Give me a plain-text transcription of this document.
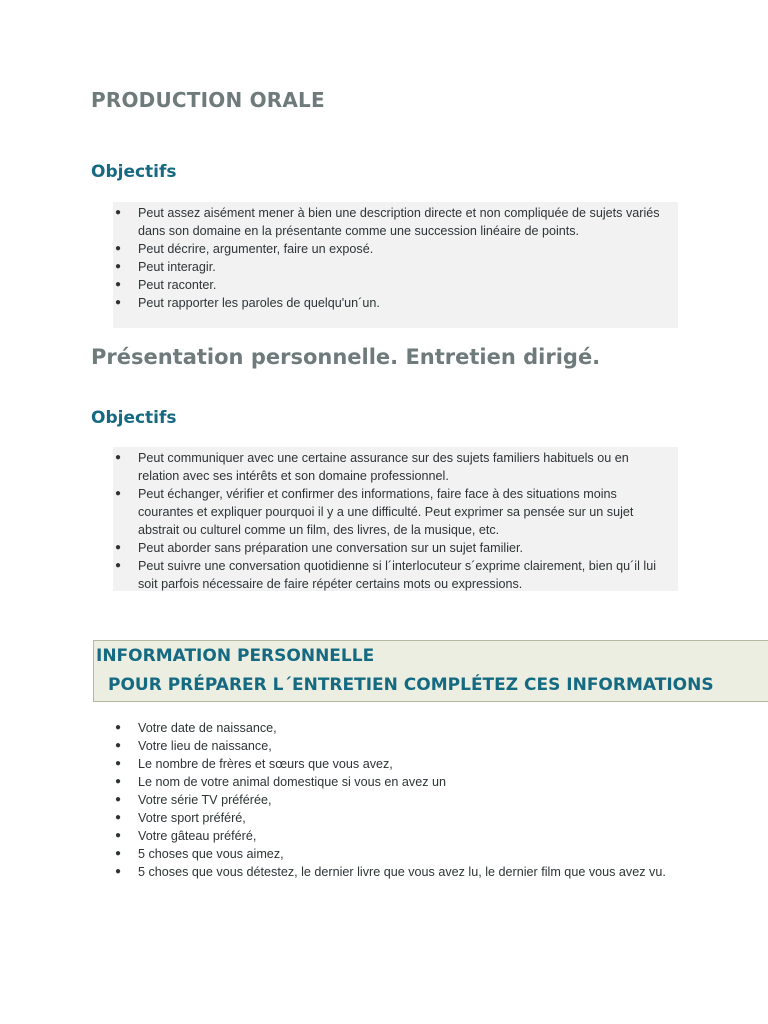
PRODUCTION ORALE
Objectifs
● Peut assez aisément mener à bien une description directe et non compliquée de sujets variés dans son domaine en la présentante comme une succession linéaire de points.
● Peut décrire, argumenter, faire un exposé.
● Peut interagir.
● Peut raconter.
● Peut rapporter les paroles de quelqu'un´un.
Présentation personnelle. Entretien dirigé.
Objectifs
● Peut communiquer avec une certaine assurance sur des sujets familiers habituels ou en relation avec ses intérêts et son domaine professionnel.
● Peut échanger, vérifier et confirmer des informations, faire face à des situations moins courantes et expliquer pourquoi il y a une difficulté. Peut exprimer sa pensée sur un sujet abstrait ou culturel comme un film, des livres, de la musique, etc.
● Peut aborder sans préparation une conversation sur un sujet familier.
● Peut suivre une conversation quotidienne si l´interlocuteur s´exprime clairement, bien qu´il lui soit parfois nécessaire de faire répéter certains mots ou expressions.
INFORMATION PERSONNELLE
POUR PRÉPARER L´ENTRETIEN COMPLÉTEZ CES INFORMATIONS
● Votre date de naissance,
● Votre lieu de naissance,
● Le nombre de frères et sœurs que vous avez,
● Le nom de votre animal domestique si vous en avez un
● Votre série TV préférée,
● Votre sport préféré,
● Votre gâteau préféré,
● 5 choses que vous aimez,
● 5 choses que vous détestez, le dernier livre que vous avez lu, le dernier film que vous avez vu.
